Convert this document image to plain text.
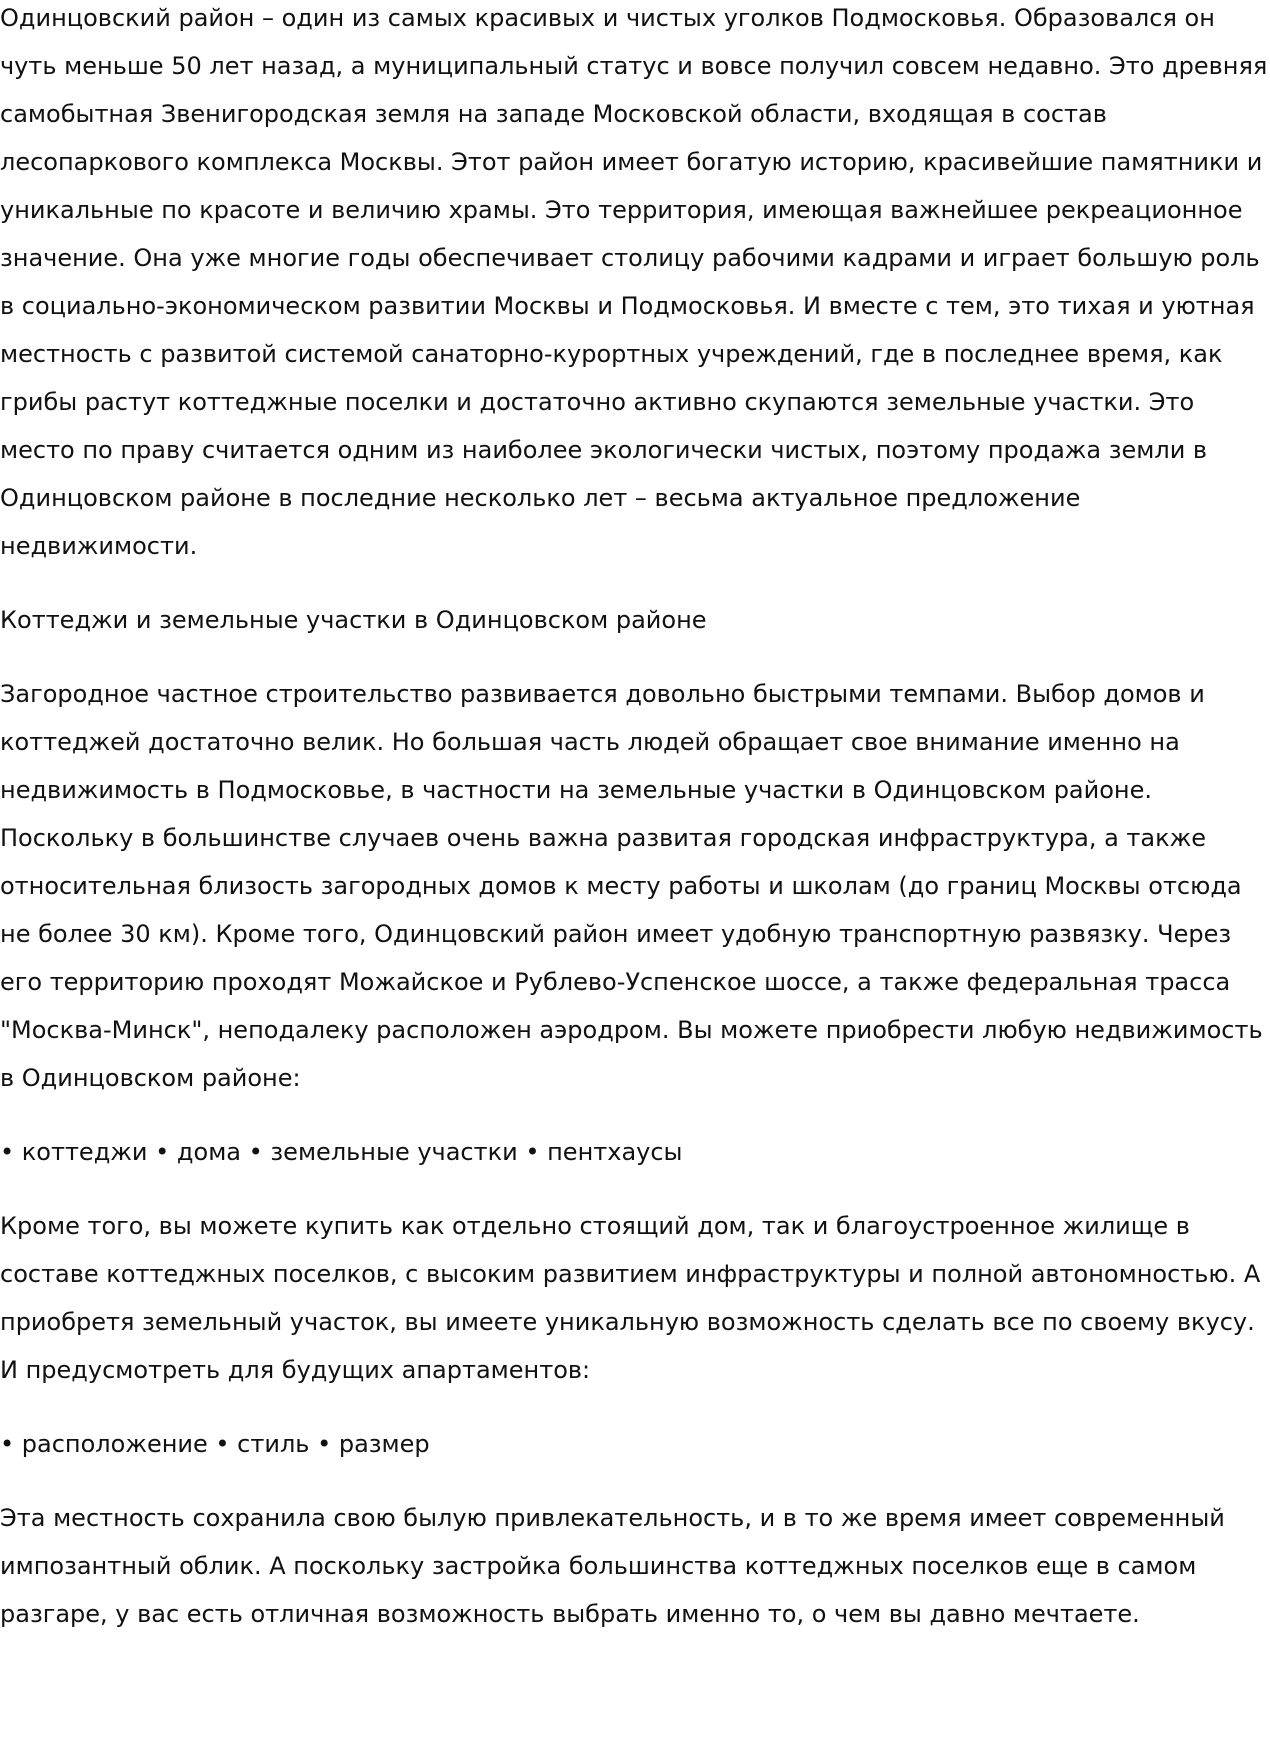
Одинцовский район – один из самых красивых и чистых уголков Подмосковья. Образовался он чуть меньше 50 лет назад, а муниципальный статус и вовсе получил совсем недавно. Это древняя самобытная Звенигородская земля на западе Московской области, входящая в состав лесопаркового комплекса Москвы. Этот район имеет богатую историю, красивейшие памятники и уникальные по красоте и величию храмы. Это территория, имеющая важнейшее рекреационное значение. Она уже многие годы обеспечивает столицу рабочими кадрами и играет большую роль в социально-экономическом развитии Москвы и Подмосковья. И вместе с тем, это тихая и уютная местность с развитой системой санаторно-курортных учреждений, где в последнее время, как грибы растут коттеджные поселки и достаточно активно скупаются земельные участки. Это место по праву считается одним из наиболее экологически чистых, поэтому продажа земли в Одинцовском районе в последние несколько лет – весьма актуальное предложение недвижимости.

Коттеджи и земельные участки в Одинцовском районе

Загородное частное строительство развивается довольно быстрыми темпами. Выбор домов и коттеджей достаточно велик. Но большая часть людей обращает свое внимание именно на недвижимость в Подмосковье, в частности на земельные участки в Одинцовском районе. Поскольку в большинстве случаев очень важна развитая городская инфраструктура, а также относительная близость загородных домов к месту работы и школам (до границ Москвы отсюда не более 30 км). Кроме того, Одинцовский район имеет удобную транспортную развязку. Через его территорию проходят Можайское и Рублево-Успенское шоссе, а также федеральная трасса "Москва-Минск", неподалеку расположен аэродром. Вы можете приобрести любую недвижимость в Одинцовском районе:

• коттеджи • дома • земельные участки • пентхаусы

Кроме того, вы можете купить как отдельно стоящий дом, так и благоустроенное жилище в составе коттеджных поселков, с высоким развитием инфраструктуры и полной автономностью. А приобретя земельный участок, вы имеете уникальную возможность сделать все по своему вкусу. И предусмотреть для будущих апартаментов:

• расположение • стиль • размер

Эта местность сохранила свою былую привлекательность, и в то же время имеет современный импозантный облик. А поскольку застройка большинства коттеджных поселков еще в самом разгаре, у вас есть отличная возможность выбрать именно то, о чем вы давно мечтаете.
